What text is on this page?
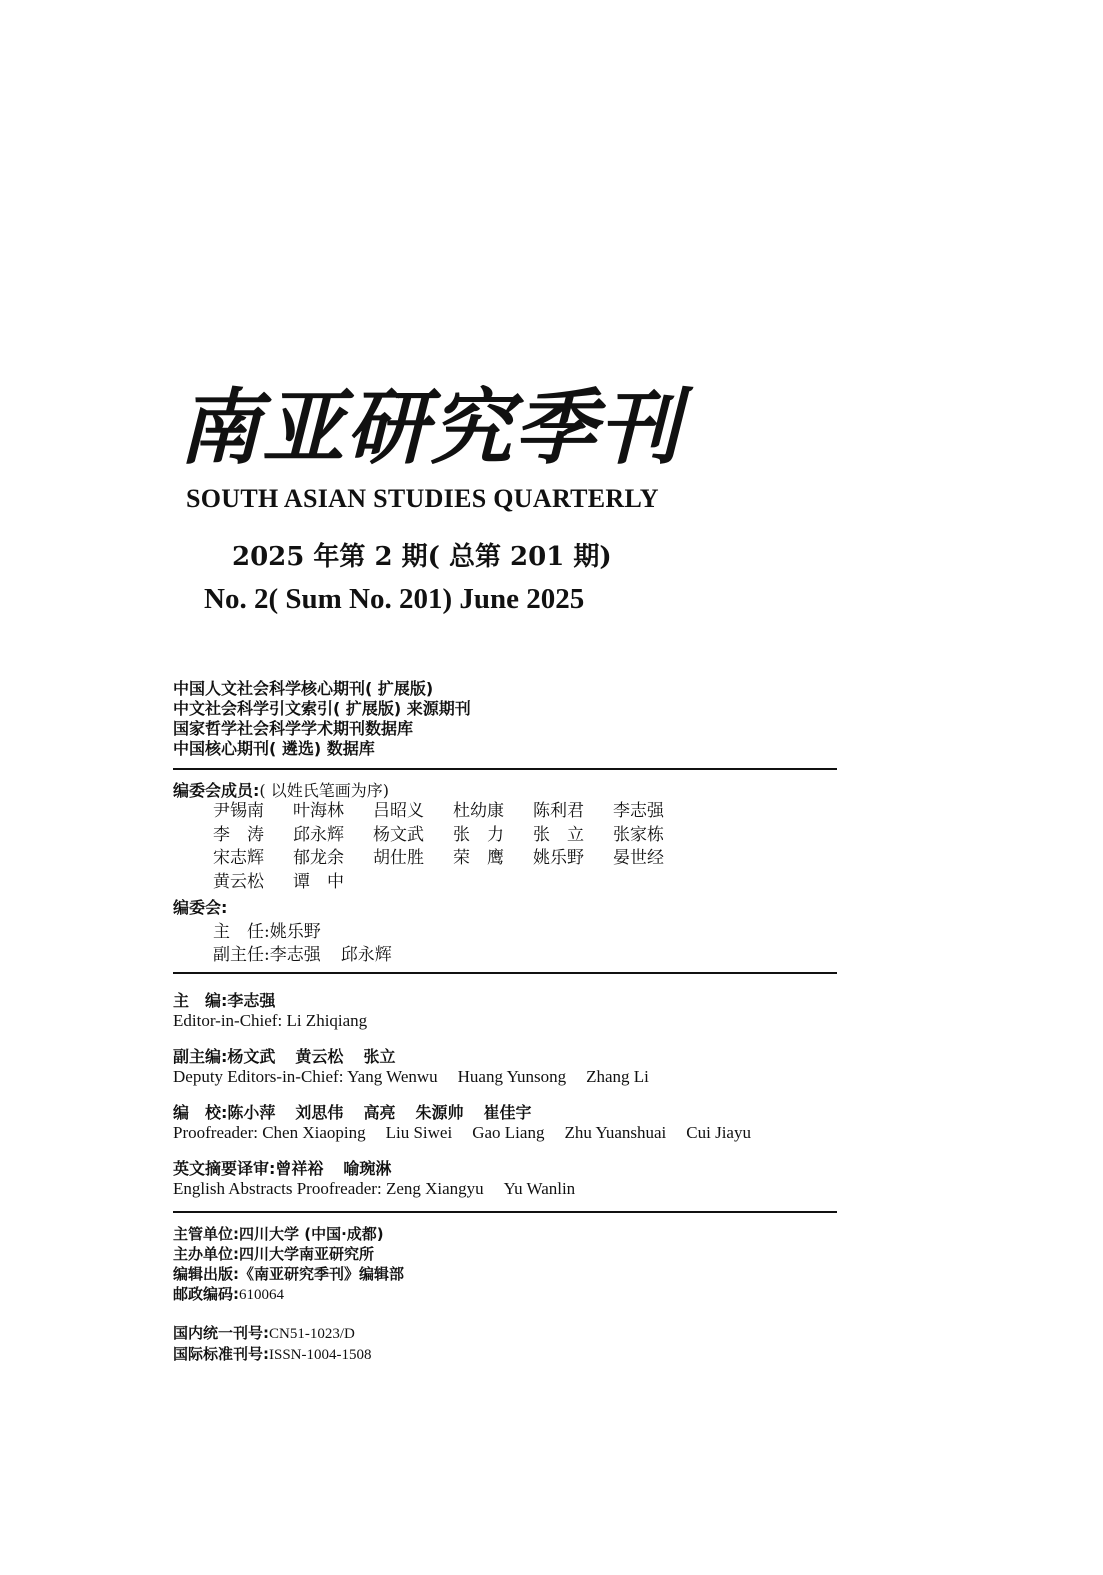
南亚研究季刊
SOUTH ASIAN STUDIES QUARTERLY
2025 年第 2 期( 总第 201 期)
No. 2( Sum No. 201) June 2025
中国人文社会科学核心期刊( 扩展版)
中文社会科学引文索引( 扩展版) 来源期刊
国家哲学社会科学学术期刊数据库
中国核心期刊( 遴选) 数据库
编委会成员:( 以姓氏笔画为序)
尹锡南	叶海林	吕昭义	杜幼康	陈利君	李志强
李　涛	邱永辉	杨文武	张　力	张　立	张家栋
宋志辉	郁龙余	胡仕胜	荣　鹰	姚乐野	晏世经
黄云松	谭　中
编委会:
主　任:姚乐野
副主任:李志强 邱永辉
主　编:李志强
Editor-in-Chief: Li Zhiqiang
副主编:杨文武 黄云松 张立
Deputy Editors-in-Chief: Yang Wenwu Huang Yunsong Zhang Li
编　校:陈小萍 刘思伟 高亮 朱源帅 崔佳宇
Proofreader: Chen Xiaoping Liu Siwei Gao Liang Zhu Yuanshuai Cui Jiayu
英文摘要译审:曾祥裕 喻琬淋
English Abstracts Proofreader: Zeng Xiangyu Yu Wanlin
主管单位:四川大学 (中国·成都)
主办单位:四川大学南亚研究所
编辑出版:《南亚研究季刊》编辑部
邮政编码:610064
国内统一刊号:CN51-1023/D
国际标准刊号:ISSN-1004-1508
